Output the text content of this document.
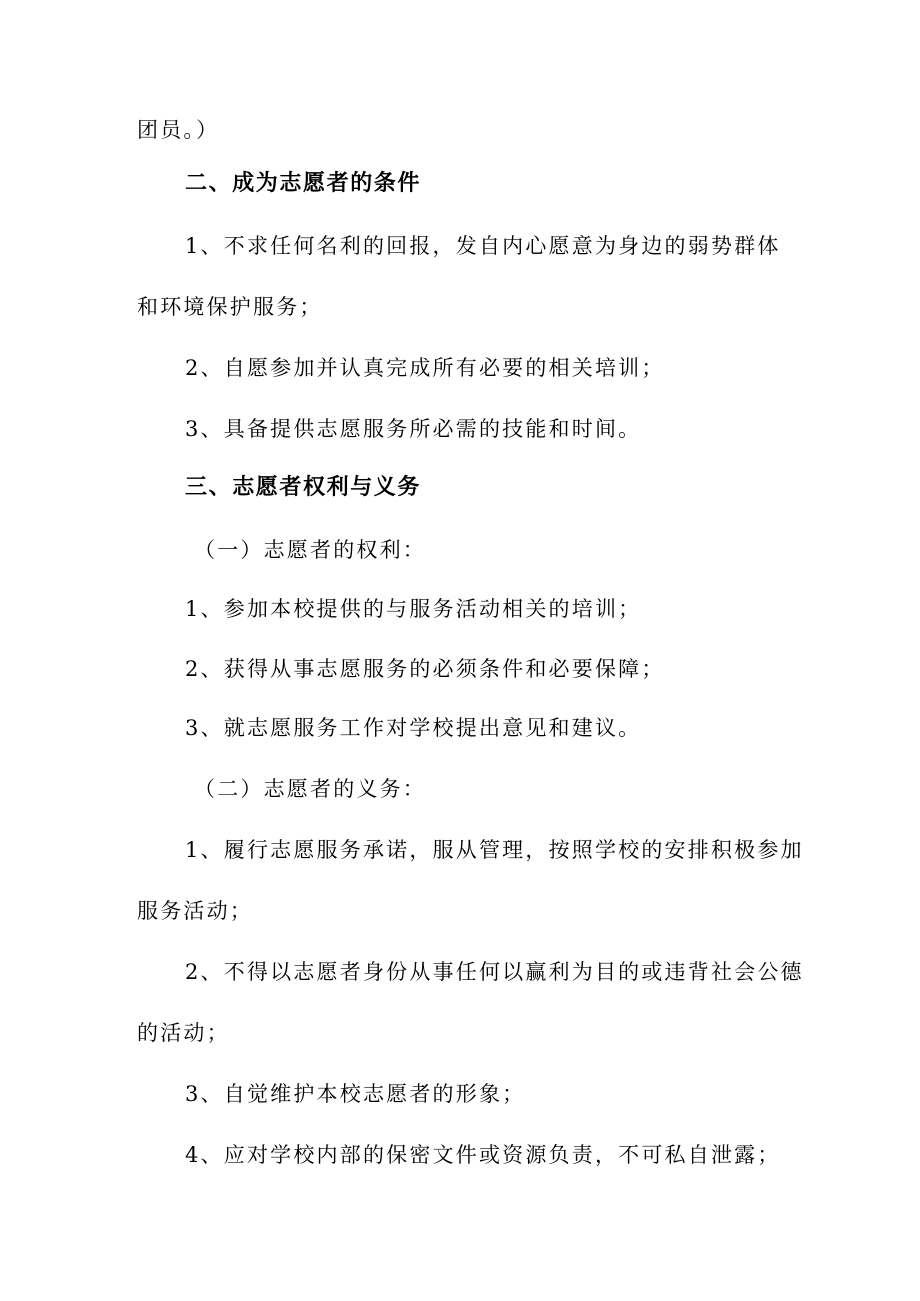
团员。）
二、成为志愿者的条件
1、不求任何名利的回报，发自内心愿意为身边的弱势群体
和环境保护服务；
2、自愿参加并认真完成所有必要的相关培训；
3、具备提供志愿服务所必需的技能和时间。
三、志愿者权利与义务
（一）志愿者的权利：
1、参加本校提供的与服务活动相关的培训；
2、获得从事志愿服务的必须条件和必要保障；
3、就志愿服务工作对学校提出意见和建议。
（二）志愿者的义务：
1、履行志愿服务承诺，服从管理，按照学校的安排积极参加
服务活动；
2、不得以志愿者身份从事任何以赢利为目的或违背社会公德
的活动；
3、自觉维护本校志愿者的形象；
4、应对学校内部的保密文件或资源负责，不可私自泄露；
